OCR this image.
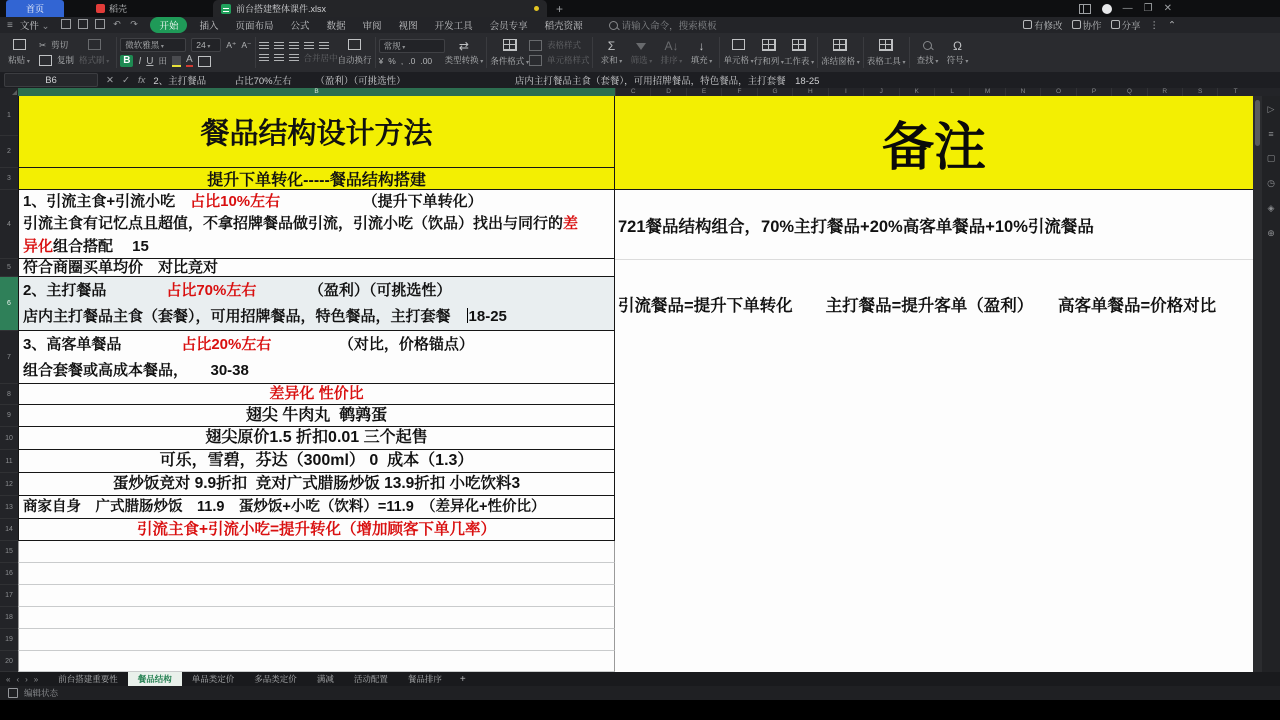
首页	稻壳	前台搭建整体课件.xlsx	+	— ❐ ✕
≡ 文件 ⌄	↶ ↷	开始	插入	页面布局	公式	数据	审阅	视图	开发工具	会员专享	稻壳资源	请输入命令，搜索模板	有修改	协作	分享 ⋮ ⌃
粘贴 ▾
✂ 剪切
复制 格式刷 ▾
微软雅黑 ▾	24 ▾	A⁺ A⁻
B I U 田 A	合并居中 自动换行
常规 ▾
¥ % , .0 .00
⇄
类型转换 ▾	条件格式 ▾
表格样式
单元格样式
Σ
求和 ▾	筛选 ▾
A↓
排序 ▾
↓
填充 ▾	单元格 ▾ 行和列 ▾ 工作表 ▾	冻结窗格 ▾	表格工具 ▾	查找 ▾
Ω
符号 ▾
B6	✕ ✓ fx 2、主打餐品　　　占比70%左右　　　（盈利）（可挑选性）　　　　　　　　　　　　店内主打餐品主食（套餐），可用招牌餐品，特色餐品，主打套餐　18-25
B	C	D	E	F	G	H	I	J	K	L	M	N	O	P	Q	R	S	T
1
2
3
4
5
6
7
8
9
10
11
12
13
14
15
16
17
18
19
20
餐品结构设计方法
提升下单转化-----餐品结构搭建
1、引流主食+引流小吃　占比10%左右　　　　　　（提升下单转化）
引流主食有记忆点且超值，不拿招牌餐品做引流，引流小吃（饮品）找出与同行的差
异化组合搭配　 15
符合商圈买单均价　对比竞对
2、主打餐品　　　　占比70%左右　　　　（盈利）（可挑选性）
店内主打餐品主食（套餐），可用招牌餐品，特色餐品，主打套餐　18-25
3、高客单餐品　　　　占比20%左右　　　　　（对比，价格锚点）
组合套餐或高成本餐品，　　30-38
差异化 性价比
翅尖 牛肉丸  鹌鹑蛋
翅尖原价1.5 折扣0.01 三个起售
可乐，雪碧，芬达（300ml） 0  成本（1.3）
蛋炒饭竞对 9.9折扣  竞对广式腊肠炒饭 13.9折扣 小吃饮料3
商家自身　广式腊肠炒饭　11.9　蛋炒饭+小吃（饮料）=11.9　（差异化+性价比）
引流主食+引流小吃=提升转化（增加顾客下单几率）
备注
721餐品结构组合，70%主打餐品+20%高客单餐品+10%引流餐品
引流餐品=提升下单转化　　主打餐品=提升客单（盈利）　　高客单餐品=价格对比
▷
≡
▢
◷
◈
⊕
« ‹ › »	前台搭建重要性	餐品结构	单品类定价	多品类定价	满减	活动配置	餐品排序	+
编辑状态
